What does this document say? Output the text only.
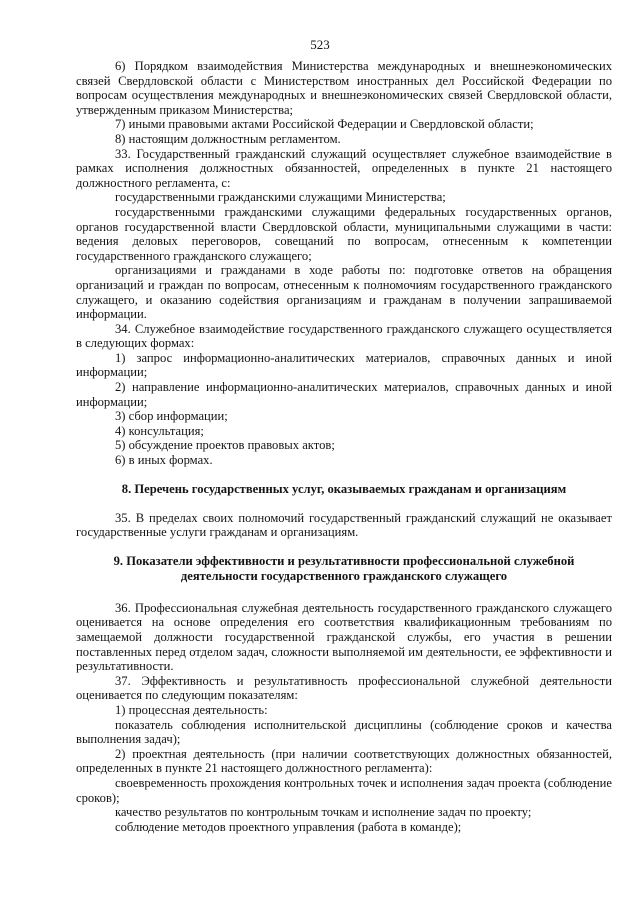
523

6) Порядком взаимодействия Министерства международных и внешнеэкономических связей Свердловской области с Министерством иностранных дел Российской Федерации по вопросам осуществления международных и внешнеэкономических связей Свердловской области, утвержденным приказом Министерства;

7) иными правовыми актами Российской Федерации и Свердловской области;

8) настоящим должностным регламентом.

33. Государственный гражданский служащий осуществляет служебное взаимодействие в рамках исполнения должностных обязанностей, определенных в пункте 21 настоящего должностного регламента, с:

государственными гражданскими служащими Министерства;

государственными гражданскими служащими федеральных государственных органов, органов государственной власти Свердловской области, муниципальными служащими в части: ведения деловых переговоров, совещаний по вопросам, отнесенным к компетенции государственного гражданского служащего;

организациями и гражданами в ходе работы по: подготовке ответов на обращения организаций и граждан по вопросам, отнесенным к полномочиям государственного гражданского служащего, и оказанию содействия организациям и гражданам в получении запрашиваемой информации.

34. Служебное взаимодействие государственного гражданского служащего осуществляется в следующих формах:

1) запрос информационно-аналитических материалов, справочных данных и иной информации;

2) направление информационно-аналитических материалов, справочных данных и иной информации;

3) сбор информации;

4) консультация;

5) обсуждение проектов правовых актов;

6) в иных формах.

8. Перечень государственных услуг, оказываемых гражданам и организациям

35. В пределах своих полномочий государственный гражданский служащий не оказывает государственные услуги гражданам и организациям.

9. Показатели эффективности и результативности профессиональной служебной
деятельности государственного гражданского служащего

36. Профессиональная служебная деятельность государственного гражданского служащего оценивается на основе определения его соответствия квалификационным требованиям по замещаемой должности государственной гражданской службы, его участия в решении поставленных перед отделом задач, сложности выполняемой им деятельности, ее эффективности и результативности.

37. Эффективность и результативность профессиональной служебной деятельности оценивается по следующим показателям:

1) процессная деятельность:

показатель соблюдения исполнительской дисциплины (соблюдение сроков и качества выполнения задач);

2) проектная деятельность (при наличии соответствующих должностных обязанностей, определенных в пункте 21 настоящего должностного регламента):

своевременность прохождения контрольных точек и исполнения задач проекта (соблюдение сроков);

качество результатов по контрольным точкам и исполнение задач по проекту;

соблюдение методов проектного управления (работа в команде);
